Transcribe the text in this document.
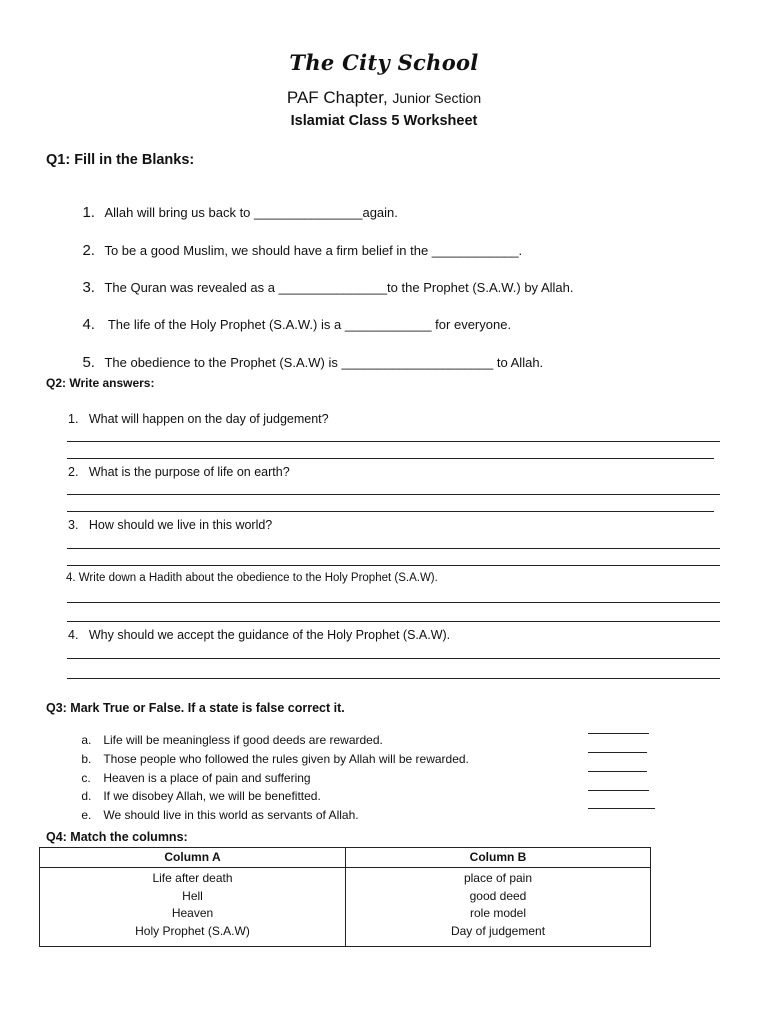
The City School
PAF Chapter, Junior Section
Islamiat Class 5 Worksheet
Q1: Fill in the Blanks:

1. Allah will bring us back to _______________again.

2. To be a good Muslim, we should have a firm belief in the ____________.

3. The Quran was revealed as a _______________to the Prophet (S.A.W.) by Allah.

4. The life of the Holy Prophet (S.A.W.) is a ____________ for everyone.

5. The obedience to the Prophet (S.A.W) is _____________________ to Allah.

Q2: Write answers:
1.   What will happen on the day of judgement?
2.   What is the purpose of life on earth?
3.   How should we live in this world?
4. Write down a Hadith about the obedience to the Holy Prophet (S.A.W).
4.   Why should we accept the guidance of the Holy Prophet (S.A.W).
Q3: Mark True or False. If a state is false correct it.

a. Life will be meaningless if good deeds are rewarded.

b. Those people who followed the rules given by Allah will be rewarded.

c. Heaven is a place of pain and suffering

d. If we disobey Allah, we will be benefitted.

e. We should live in this world as servants of Allah.

Q4: Match the columns:
Column A
Life after death
Hell
Heaven
Holy Prophet (S.A.W)
Column B
place of pain
good deed
role model
Day of judgement
